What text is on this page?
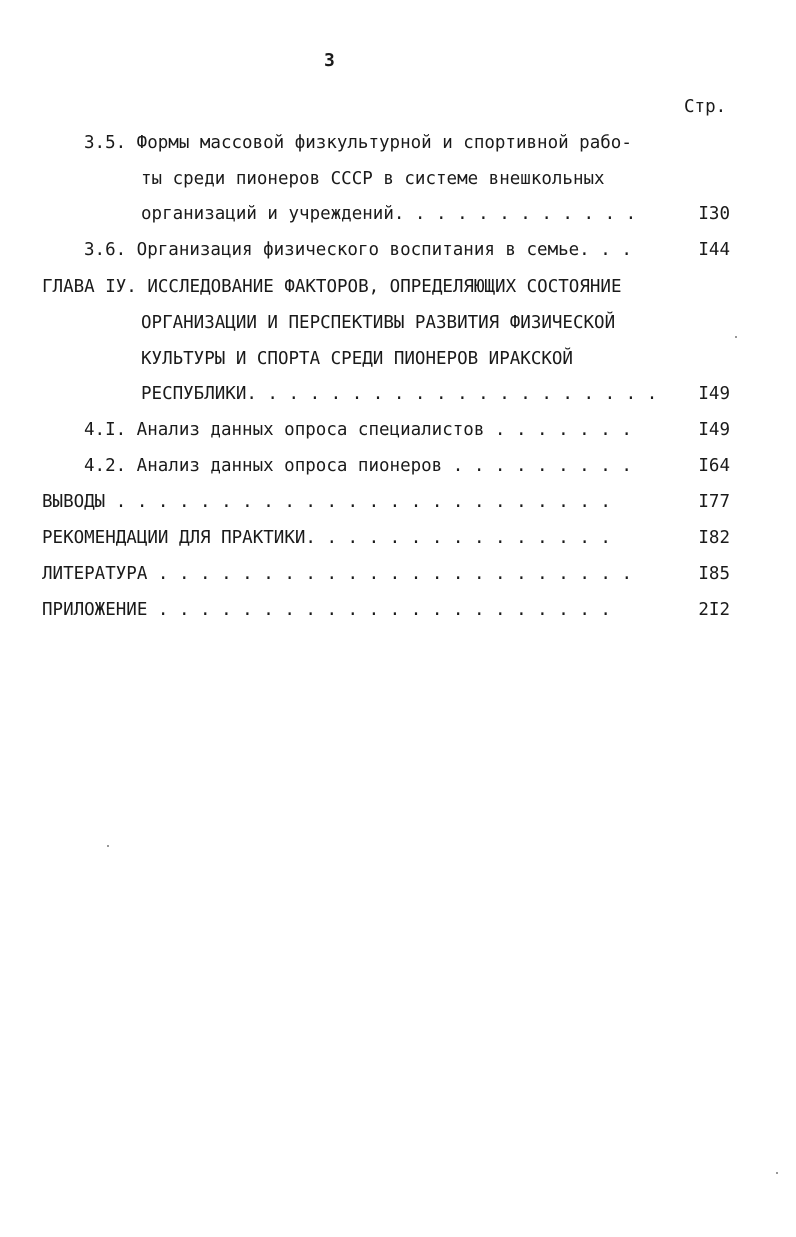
3
Стр.
3.5. Формы массовой физкультурной и спортивной рабо-
ты среди пионеров СССР в системе внешкольных
организаций и учреждений. . . . . . . . . . . .	I30
3.6. Организация физического воспитания в семье. . .	I44
ГЛАВА IУ. ИССЛЕДОВАНИЕ ФАКТОРОВ, ОПРЕДЕЛЯЮЩИХ СОСТОЯНИЕ
ОРГАНИЗАЦИИ И ПЕРСПЕКТИВЫ РАЗВИТИЯ ФИЗИЧЕСКОЙ
КУЛЬТУРЫ И СПОРТА СРЕДИ ПИОНЕРОВ ИРАКСКОЙ
РЕСПУБЛИКИ. . . . . . . . . . . . . . . . . . . .	I49
4.I. Анализ данных опроса специалистов . . . . . . .	I49
4.2. Анализ данных опроса пионеров . . . . . . . . .	I64
ВЫВОДЫ . . . . . . . . . . . . . . . . . . . . . . . .	I77
РЕКОМЕНДАЦИИ ДЛЯ ПРАКТИКИ. . . . . . . . . . . . . . .	I82
ЛИТЕРАТУРА . . . . . . . . . . . . . . . . . . . . . . .	I85
ПРИЛОЖЕНИЕ . . . . . . . . . . . . . . . . . . . . . .	2I2
